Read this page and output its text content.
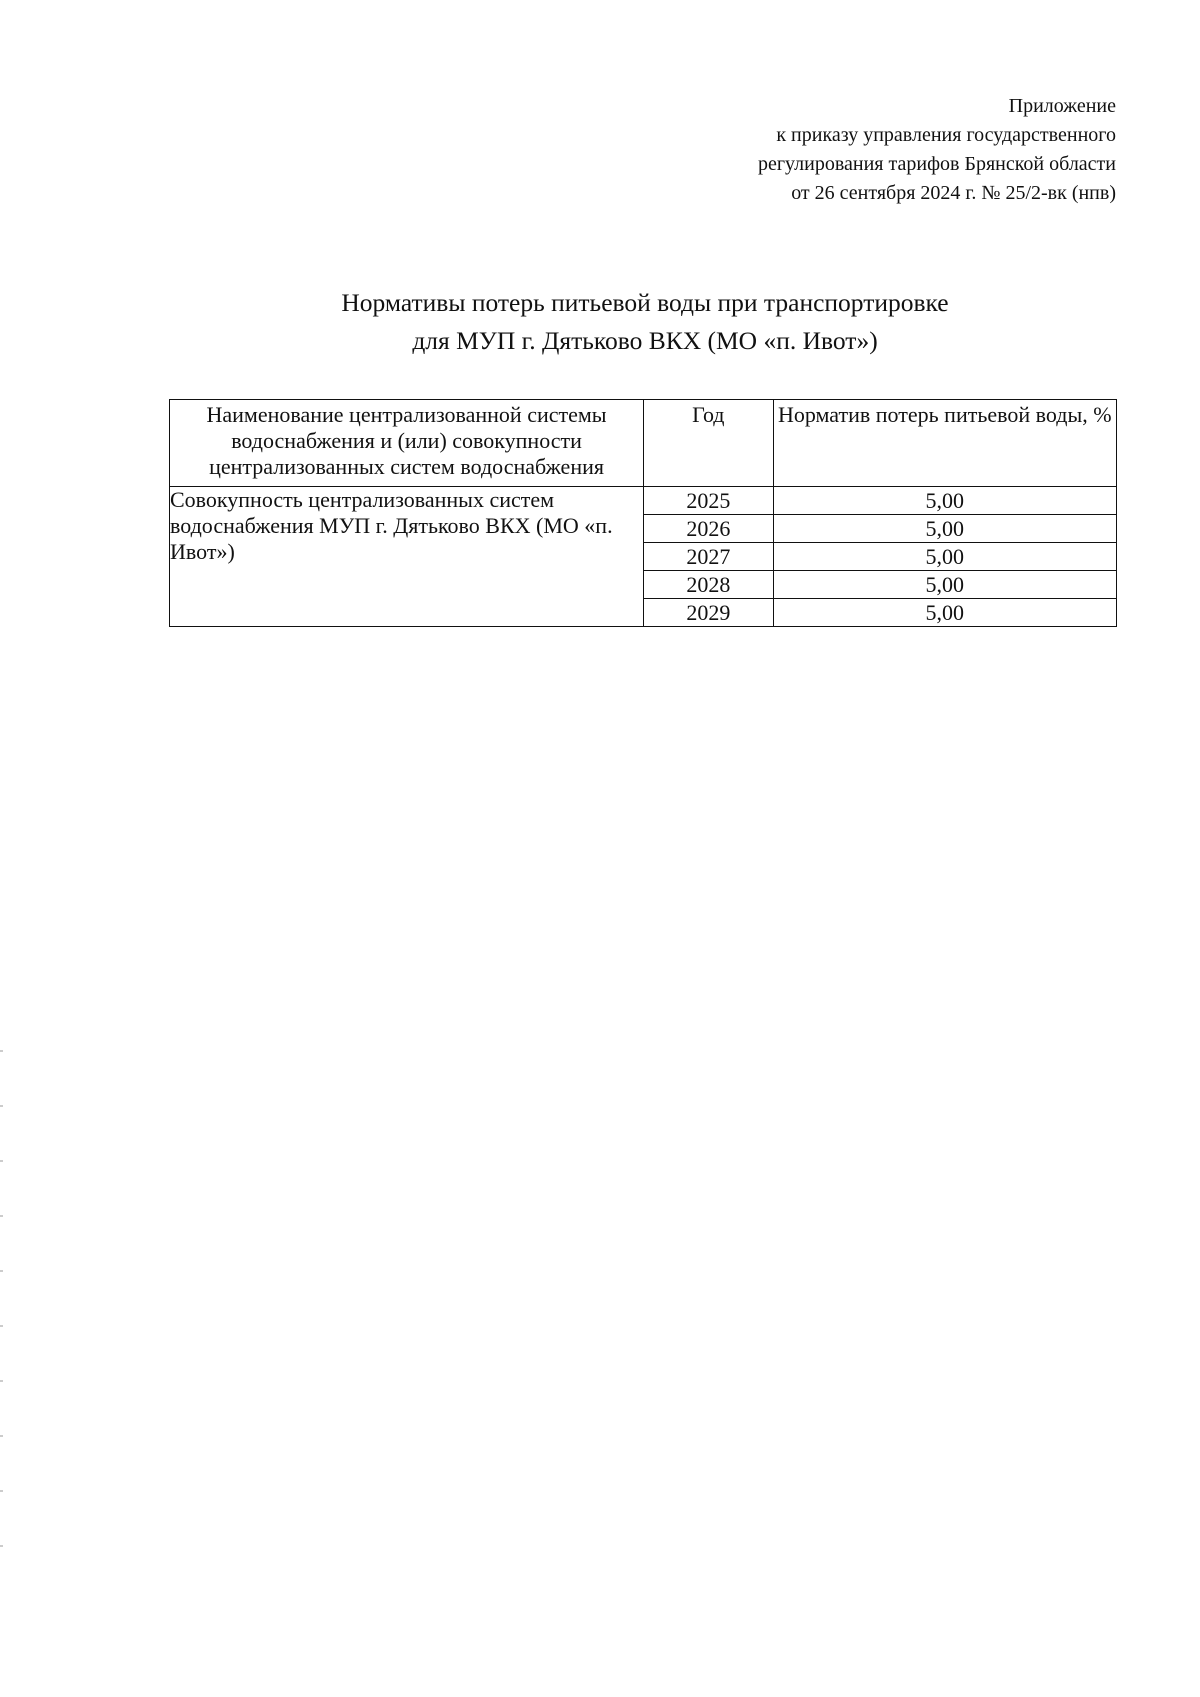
Приложение
к приказу управления государственного
регулирования тарифов Брянской области
от 26 сентября 2024 г. № 25/2-вк (нпв)
Нормативы потерь питьевой воды при транспортировке
для МУП г. Дятьково ВКХ (МО «п. Ивот»)
Наименование централизованной системы водоснабжения и (или) совокупности централизованных систем водоснабжения	Год	Норматив потерь питьевой воды, %
Совокупность централизованных систем водоснабжения МУП г. Дятьково ВКХ (МО «п. Ивот»)	2025	5,00
	2026	5,00
	2027	5,00
	2028	5,00
	2029	5,00
